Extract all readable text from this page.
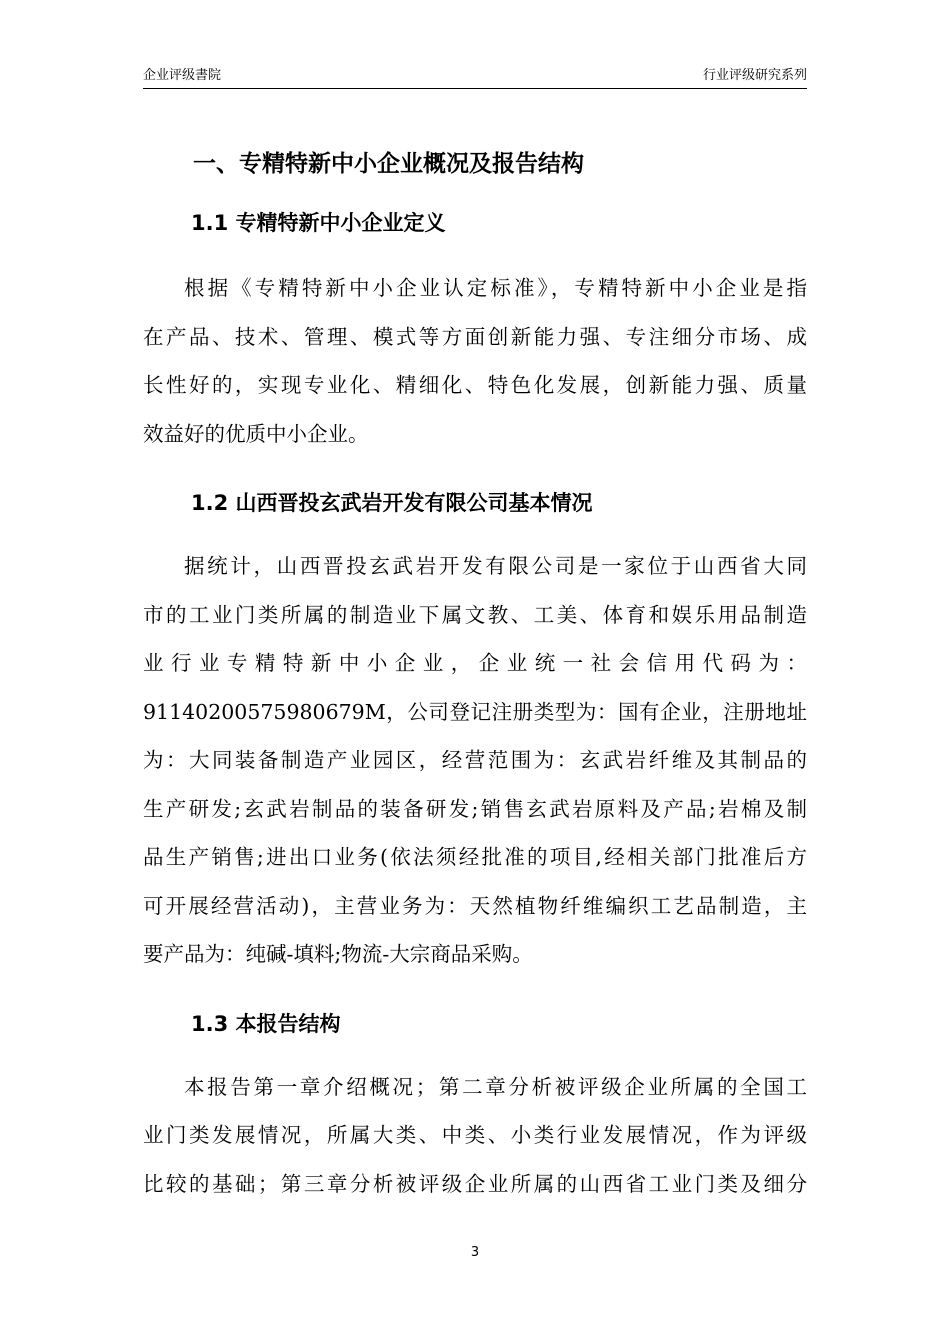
企业评级書院	行业评级研究系列
一、专精特新中小企业概况及报告结构
1.1 专精特新中小企业定义
根据《专精特新中小企业认定标准》，专精特新中小企业是指
在产品、技术、管理、模式等方面创新能力强、专注细分市场、成
长性好的，实现专业化、精细化、特色化发展，创新能力强、质量
效益好的优质中小企业。
1.2 山西晋投玄武岩开发有限公司基本情况
据统计，山西晋投玄武岩开发有限公司是一家位于山西省大同
市的工业门类所属的制造业下属文教、工美、体育和娱乐用品制造
业行业专精特新中小企业，企业统一社会信用代码为：
91140200575980679M，公司登记注册类型为：国有企业，注册地址
为：大同装备制造产业园区，经营范围为：玄武岩纤维及其制品的
生产研发;玄武岩制品的装备研发;销售玄武岩原料及产品;岩棉及制
品生产销售;进出口业务(依法须经批准的项目,经相关部门批准后方
可开展经营活动)，主营业务为：天然植物纤维编织工艺品制造，主
要产品为：纯碱-填料;物流-大宗商品采购。
1.3 本报告结构
本报告第一章介绍概况；第二章分析被评级企业所属的全国工
业门类发展情况，所属大类、中类、小类行业发展情况，作为评级
比较的基础；第三章分析被评级企业所属的山西省工业门类及细分
3
